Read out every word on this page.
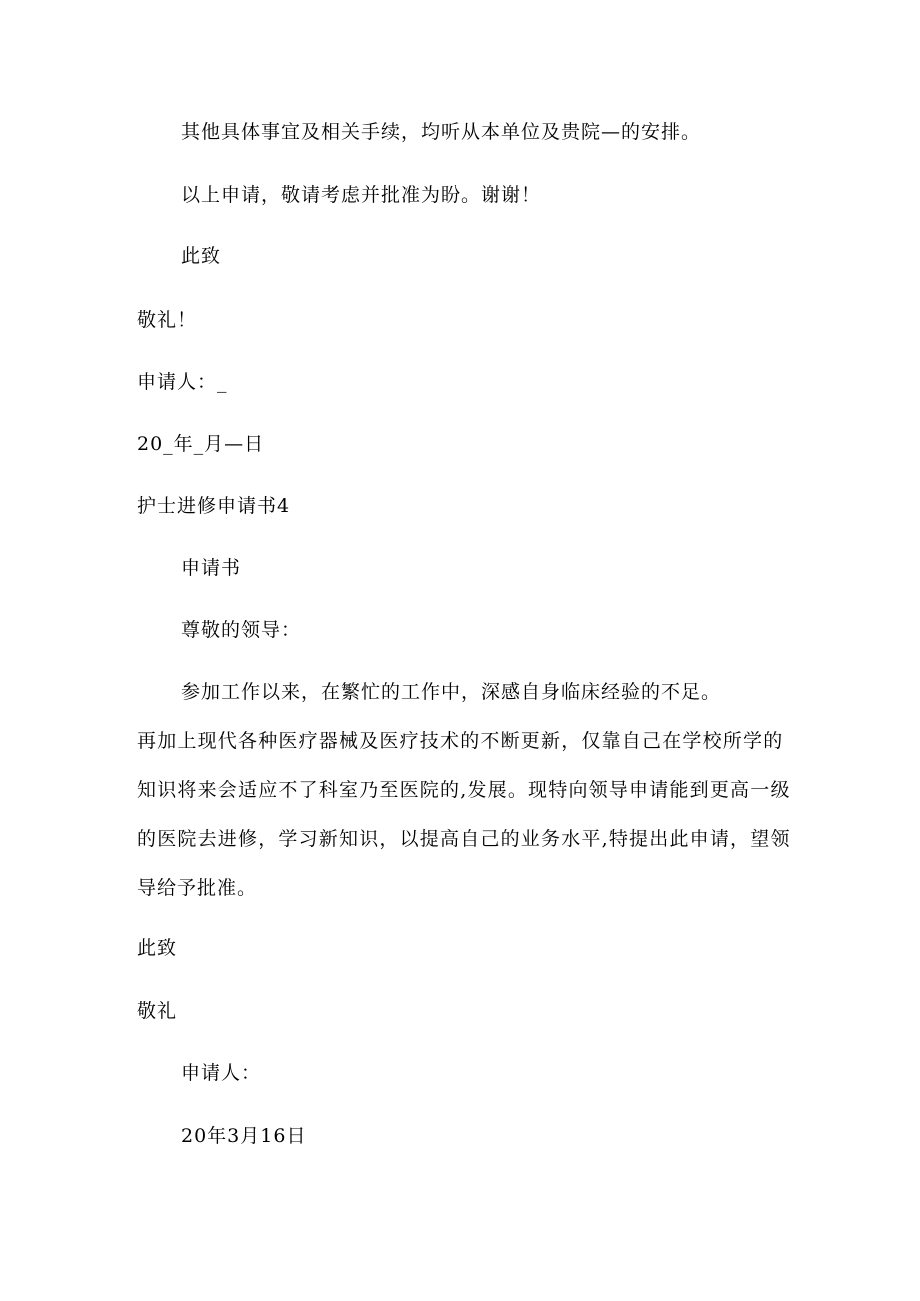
其他具体事宜及相关手续，均听从本单位及贵院—的安排。
以上申请，敬请考虑并批准为盼。谢谢！
此致
敬礼！
申请人：_
20_年_月—日
护士进修申请书4
申请书
尊敬的领导：
参加工作以来，在繁忙的工作中，深感自身临床经验的不足。
再加上现代各种医疗器械及医疗技术的不断更新，仅靠自己在学校所学的
知识将来会适应不了科室乃至医院的,发展。现特向领导申请能到更高一级
的医院去进修，学习新知识，以提高自己的业务水平,特提出此申请，望领
导给予批准。
此致
敬礼
申请人：
20年3月16日
